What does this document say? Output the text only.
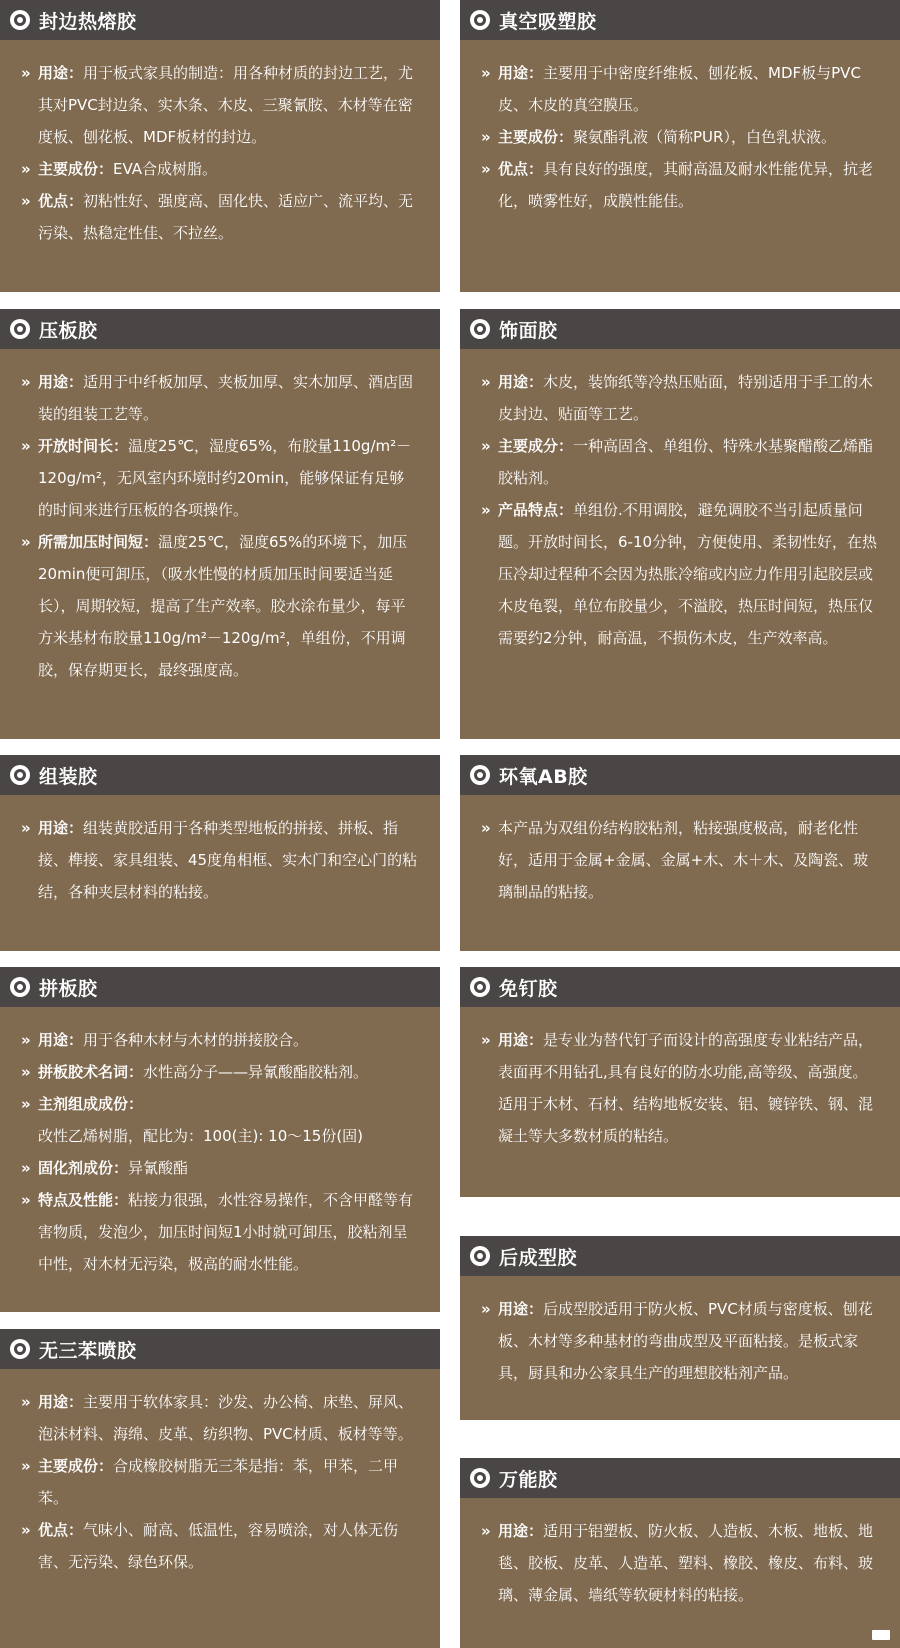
封边热熔胶
» 用途：用于板式家具的制造：用各种材质的封边工艺，尤其对PVC封边条、实木条、木皮、三聚氰胺、木材等在密度板、刨花板、MDF板材的封边。
» 主要成份：EVA合成树脂。
» 优点：初粘性好、强度高、固化快、适应广、流平均、无污染、热稳定性佳、不拉丝。
压板胶
» 用途：适用于中纤板加厚、夹板加厚、实木加厚、酒店固装的组装工艺等。
» 开放时间长：温度25℃，湿度65%，布胶量110g/m²－120g/m²，无风室内环境时约20min，能够保证有足够的时间来进行压板的各项操作。
» 所需加压时间短：温度25℃，湿度65%的环境下，加压20min便可卸压，（吸水性慢的材质加压时间要适当延长），周期较短，提高了生产效率。胶水涂布量少，每平方米基材布胶量110g/m²－120g/m²，单组份，不用调胶，保存期更长，最终强度高。
组装胶
» 用途：组装黄胶适用于各种类型地板的拼接、拼板、指接、榫接、家具组装、45度角相框、实木门和空心门的粘结，各种夹层材料的粘接。
拼板胶
» 用途：用于各种木材与木材的拼接胶合。
» 拼板胶术名词：水性高分子——异氰酸酯胶粘剂。
» 主剂组成成份：
改性乙烯树脂，配比为：100(主): 10～15份(固)
» 固化剂成份：异氰酸酯
» 特点及性能：粘接力很强，水性容易操作，不含甲醛等有害物质，发泡少，加压时间短1小时就可卸压，胶粘剂呈中性，对木材无污染，极高的耐水性能。
无三苯喷胶
» 用途：主要用于软体家具：沙发、办公椅、床垫、屏风、泡沫材料、海绵、皮革、纺织物、PVC材质、板材等等。
» 主要成份：合成橡胶树脂无三苯是指：苯，甲苯，二甲苯。
» 优点：气味小、耐高、低温性，容易喷涂，对人体无伤害、无污染、绿色环保。
真空吸塑胶
» 用途：主要用于中密度纤维板、刨花板、MDF板与PVC皮、木皮的真空膜压。
» 主要成份：聚氨酯乳液（简称PUR），白色乳状液。
» 优点：具有良好的强度，其耐高温及耐水性能优异，抗老化，喷雾性好，成膜性能佳。
饰面胶
» 用途：木皮，装饰纸等冷热压贴面，特别适用于手工的木皮封边、贴面等工艺。
» 主要成分：一种高固含、单组份、特殊水基聚醋酸乙烯酯胶粘剂。
» 产品特点：单组份.不用调胶，避免调胶不当引起质量问题。开放时间长，6-10分钟，方便使用、柔韧性好，在热压冷却过程种不会因为热胀冷缩或内应力作用引起胶层或木皮龟裂，单位布胶量少，不溢胶，热压时间短，热压仅需要约2分钟，耐高温，不损伤木皮，生产效率高。
环氧AB胶
» 本产品为双组份结构胶粘剂，粘接强度极高，耐老化性好，适用于金属+金属、金属+木、木＋木、及陶瓷、玻璃制品的粘接。
免钉胶
» 用途：是专业为替代钉子而设计的高强度专业粘结产品，表面再不用钻孔,具有良好的防水功能,高等级、高强度。适用于木材、石材、结构地板安装、铝、镀锌铁、钢、混凝土等大多数材质的粘结。
后成型胶
» 用途：后成型胶适用于防火板、PVC材质与密度板、刨花板、木材等多种基材的弯曲成型及平面粘接。是板式家具，厨具和办公家具生产的理想胶粘剂产品。
万能胶
» 用途：适用于铝塑板、防火板、人造板、木板、地板、地毯、胶板、皮革、人造革、塑料、橡胶、橡皮、布料、玻璃、薄金属、墙纸等软硬材料的粘接。
